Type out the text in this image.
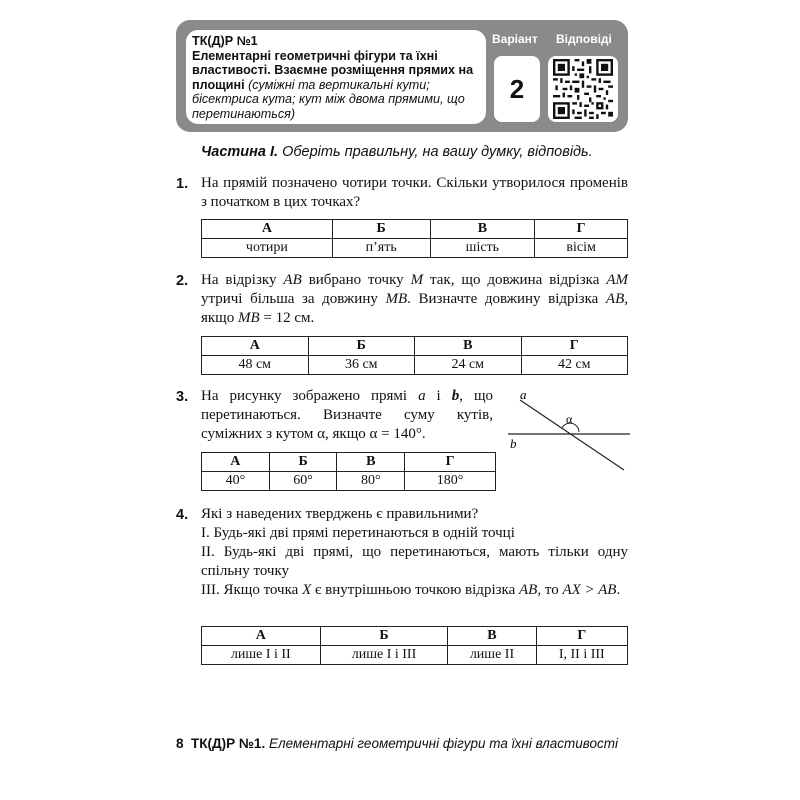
ТК(Д)Р №1
Елементарні геометричні фігури та їхні властивості. Взаємне розміщення прямих на площині (суміжні та вертикальні кути; бісектриса кута; кут між двома прямими, що перетинаються)
Варіант Відповіді
2
Частина І. Оберіть правильну, на вашу думку, відповідь.
1. На прямій позначено чотири точки. Скільки утворилося променів з початком в цих точках?
А	Б	В	Г
чотири	п’ять	шість	вісім
2. На відрізку AB вибрано точку M так, що довжина відрізка AM утричі більша за довжину MB. Визначте довжину відрізка AB, якщо MB = 12 см.
А	Б	В	Г
48 см	36 см	24 см	42 см
3. На рисунку зображено прямі a і b, що перетинаються. Визначте суму кутів, суміжних з кутом α, якщо α = 140°.
a
b
α
А	Б	В	Г
40°	60°	80°	180°
4. Які з наведених тверджень є правильними?
І. Будь-які дві прямі перетинаються в одній точці
ІІ. Будь-які дві прямі, що перетинаються, мають тільки одну спільну точку
ІІІ. Якщо точка X є внутрішньою точкою відрізка AB, то AX > AB.
А	Б	В	Г
лише І і ІІ	лише І і ІІІ	лише ІІ	І, ІІ і ІІІ
8 ТК(Д)Р №1. Елементарні геометричні фігури та їхні властивості
